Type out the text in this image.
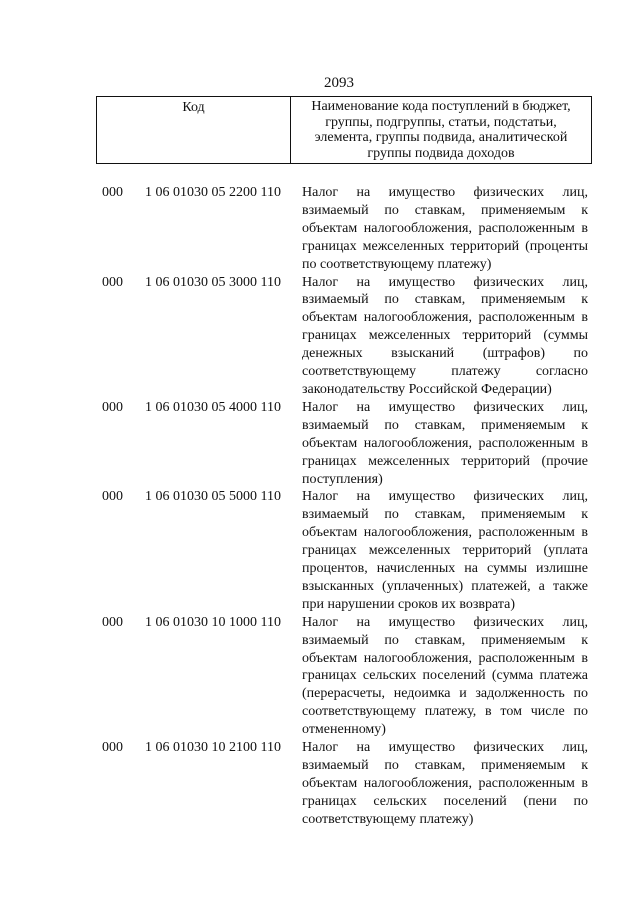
2093
Код	Наименование кода поступлений в бюджет, группы, подгруппы, статьи, подстатьи, элемента, группы подвида, аналитической группы подвида доходов
000 1 06 01030 05 2200 110 Налог на имущество физических лиц, взимаемый по ставкам, применяемым к объектам налогообложения, расположенным в границах межселенных территорий (проценты по соответствующему платежу)
000 1 06 01030 05 3000 110 Налог на имущество физических лиц, взимаемый по ставкам, применяемым к объектам налогообложения, расположенным в границах межселенных территорий (суммы денежных взысканий (штрафов) по соответствующему платежу согласно законодательству Российской Федерации)
000 1 06 01030 05 4000 110 Налог на имущество физических лиц, взимаемый по ставкам, применяемым к объектам налогообложения, расположенным в границах межселенных территорий (прочие поступления)
000 1 06 01030 05 5000 110 Налог на имущество физических лиц, взимаемый по ставкам, применяемым к объектам налогообложения, расположенным в границах межселенных территорий (уплата процентов, начисленных на суммы излишне взысканных (уплаченных) платежей, а также при нарушении сроков их возврата)
000 1 06 01030 10 1000 110 Налог на имущество физических лиц, взимаемый по ставкам, применяемым к объектам налогообложения, расположенным в границах сельских поселений (сумма платежа (перерасчеты, недоимка и задолженность по соответствующему платежу, в том числе по отмененному)
000 1 06 01030 10 2100 110 Налог на имущество физических лиц, взимаемый по ставкам, применяемым к объектам налогообложения, расположенным в границах сельских поселений (пени по соответствующему платежу)
